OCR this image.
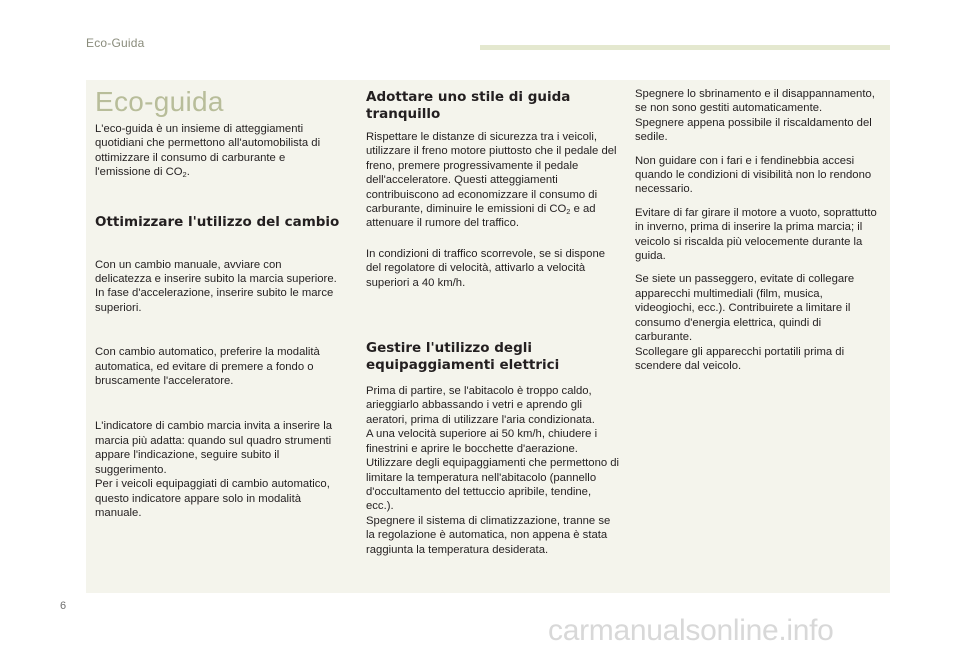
Eco-Guida
Eco-guida

L'eco-guida è un insieme di atteggiamenti quotidiani che permettono all'automobilista di ottimizzare il consumo di carburante e l'emissione di $CO_2$.

Ottimizzare l'utilizzo del cambio

Con un cambio manuale, avviare con delicatezza e inserire subito la marcia superiore. In fase d'accelerazione, inserire subito le marce superiori.

Con cambio automatico, preferire la modalità automatica, ed evitare di premere a fondo o bruscamente l'acceleratore.

L'indicatore di cambio marcia invita a inserire la marcia più adatta: quando sul quadro strumenti appare l'indicazione, seguire subito il suggerimento.

Per i veicoli equipaggiati di cambio automatico, questo indicatore appare solo in modalità manuale.

Adottare uno stile di guida tranquillo

Rispettare le distanze di sicurezza tra i veicoli, utilizzare il freno motore piuttosto che il pedale del freno, premere progressivamente il pedale dell'acceleratore. Questi atteggiamenti contribuiscono ad economizzare il consumo di carburante, diminuire le emissioni di $CO_2$ e ad attenuare il rumore del traffico.

In condizioni di traffico scorrevole, se si dispone del regolatore di velocità, attivarlo a velocità superiori a 40 km/h.

Gestire l'utilizzo degli equipaggiamenti elettrici

Prima di partire, se l'abitacolo è troppo caldo, arieggiarlo abbassando i vetri e aprendo gli aeratori, prima di utilizzare l'aria condizionata.

A una velocità superiore ai 50 km/h, chiudere i finestrini e aprire le bocchette d'aerazione.

Utilizzare degli equipaggiamenti che permettono di limitare la temperatura nell'abitacolo (pannello d'occultamento del tettuccio apribile, tendine, ecc.).

Spegnere il sistema di climatizzazione, tranne se la regolazione è automatica, non appena è stata raggiunta la temperatura desiderata.

Spegnere lo sbrinamento e il disappannamento, se non sono gestiti automaticamente.

Spegnere appena possibile il riscaldamento del sedile.

Non guidare con i fari e i fendinebbia accesi quando le condizioni di visibilità non lo rendono necessario.

Evitare di far girare il motore a vuoto, soprattutto in inverno, prima di inserire la prima marcia; il veicolo si riscalda più velocemente durante la guida.

Se siete un passeggero, evitate di collegare apparecchi multimediali (film, musica, videogiochi, ecc.). Contribuirete a limitare il consumo d'energia elettrica, quindi di carburante.

Scollegare gli apparecchi portatili prima di scendere dal veicolo.

6
carmanualsonline.info
